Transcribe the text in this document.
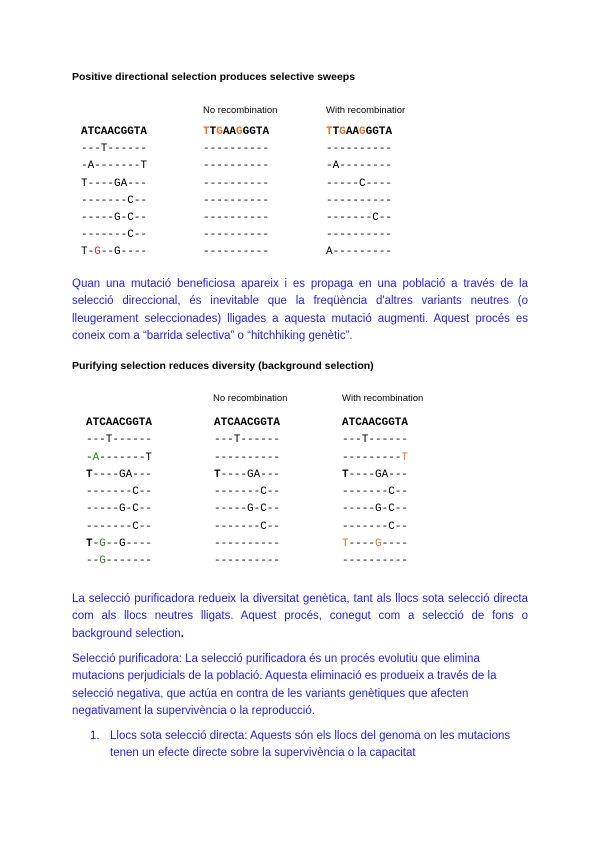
Positive directional selection produces selective sweeps
No recombination	With recombinatior
ATCAACGGTA
---T------
-A-------T
T----GA---
-------C--
-----G-C--
-------C--
T-G--G----
TTGAAGGGTA
----------
----------
----------
----------
----------
----------
----------
TTGAAGGGTA
----------
-A--------
-----C----
----------
-------C--
----------
A---------
Quan una mutació beneficiosa apareix i es propaga en una població a través de la selecció direccional, és inevitable que la freqüència d'altres variants neutres (o lleugerament seleccionades) lligades a aquesta mutació augmenti. Aquest procés es coneix com a “barrida selectiva” o “hitchhiking genètic”.
Purifying selection reduces diversity (background selection)
No recombination	With recombination
ATCAACGGTA
---T------
-A-------T
T----GA---
-------C--
-----G-C--
-------C--
T-G--G----
--G-------
ATCAACGGTA
---T------
----------
T----GA---
-------C--
-----G-C--
-------C--
----------
----------
ATCAACGGTA
---T------
---------T
T----GA---
-------C--
-----G-C--
-------C--
T----G----
----------
La selecció purificadora redueix la diversitat genètica, tant als llocs sota selecció directa com als llocs neutres lligats. Aquest procés, conegut com a selecció de fons o background selection.
Selecció purificadora: La selecció purificadora és un procés evolutiu que elimina mutacions perjudicials de la població. Aquesta eliminació es produeix a través de la selecció negativa, que actúa en contra de les variants genètiques que afecten negativament la supervivència o la reproducció.
1. Llocs sota selecció directa: Aquests són els llocs del genoma on les mutacions tenen un efecte directe sobre la supervivència o la capacitat
